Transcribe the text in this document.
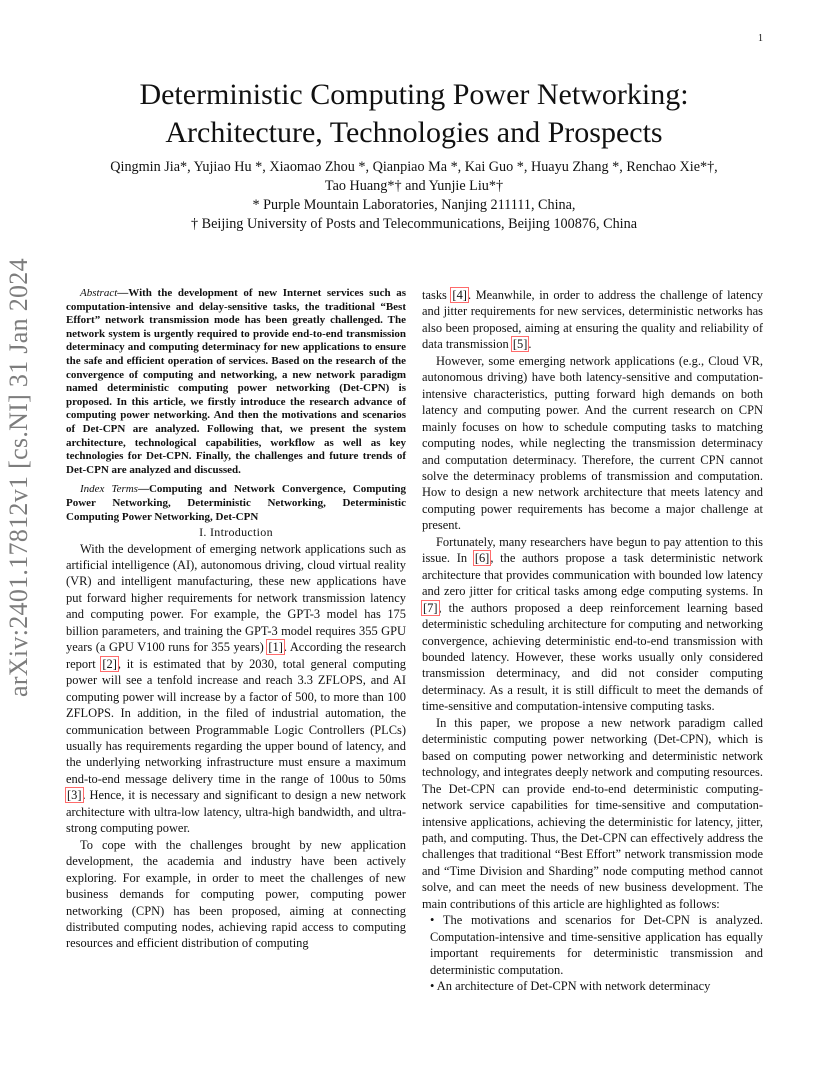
1
arXiv:2401.17812v1 [cs.NI] 31 Jan 2024
Deterministic Computing Power Networking:
Architecture, Technologies and Prospects
Qingmin Jia*, Yujiao Hu *, Xiaomao Zhou *, Qianpiao Ma *, Kai Guo *, Huayu Zhang *, Renchao Xie*†,
Tao Huang*† and Yunjie Liu*†
* Purple Mountain Laboratories, Nanjing 211111, China,
† Beijing University of Posts and Telecommunications, Beijing 100876, China

Abstract—With the development of new Internet services such as computation-intensive and delay-sensitive tasks, the traditional “Best Effort” network transmission mode has been greatly challenged. The network system is urgently required to provide end-to-end transmission determinacy and computing determinacy for new applications to ensure the safe and efficient operation of services. Based on the research of the convergence of computing and networking, a new network paradigm named deterministic computing power networking (Det-CPN) is proposed. In this article, we firstly introduce the research advance of computing power networking. And then the motivations and scenarios of Det-CPN are analyzed. Following that, we present the system architecture, technological capabilities, workflow as well as key technologies for Det-CPN. Finally, the challenges and future trends of Det-CPN are analyzed and discussed.

Index Terms—Computing and Network Convergence, Computing Power Networking, Deterministic Networking, Deterministic Computing Power Networking, Det-CPN

I. Introduction

With the development of emerging network applications such as artificial intelligence (AI), autonomous driving, cloud virtual reality (VR) and intelligent manufacturing, these new applications have put forward higher requirements for network transmission latency and computing power. For example, the GPT-3 model has 175 billion parameters, and training the GPT-3 model requires 355 GPU years (a GPU V100 runs for 355 years) [1]. According the research report [2], it is estimated that by 2030, total general computing power will see a tenfold increase and reach 3.3 ZFLOPS, and AI computing power will increase by a factor of 500, to more than 100 ZFLOPS. In addition, in the filed of industrial automation, the communication between Programmable Logic Controllers (PLCs) usually has requirements regarding the upper bound of latency, and the underlying networking infrastructure must ensure a maximum end-to-end message delivery time in the range of 100us to 50ms [3]. Hence, it is necessary and significant to design a new network architecture with ultra-low latency, ultra-high bandwidth, and ultra-strong computing power.

To cope with the challenges brought by new application development, the academia and industry have been actively exploring. For example, in order to meet the challenges of new business demands for computing power, computing power networking (CPN) has been proposed, aiming at connecting distributed computing nodes, achieving rapid access to computing resources and efficient distribution of computing

tasks [4]. Meanwhile, in order to address the challenge of latency and jitter requirements for new services, deterministic networks has also been proposed, aiming at ensuring the quality and reliability of data transmission [5].

However, some emerging network applications (e.g., Cloud VR, autonomous driving) have both latency-sensitive and computation-intensive characteristics, putting forward high demands on both latency and computing power. And the current research on CPN mainly focuses on how to schedule computing tasks to matching computing nodes, while neglecting the transmission determinacy and computation determinacy. Therefore, the current CPN cannot solve the determinacy problems of transmission and computation. How to design a new network architecture that meets latency and computing power requirements has become a major challenge at present.

Fortunately, many researchers have begun to pay attention to this issue. In [6], the authors propose a task deterministic network architecture that provides communication with bounded low latency and zero jitter for critical tasks among edge computing systems. In [7], the authors proposed a deep reinforcement learning based deterministic scheduling architecture for computing and networking convergence, achieving deterministic end-to-end transmission with bounded latency. However, these works usually only considered transmission determinacy, and did not consider computing determinacy. As a result, it is still difficult to meet the demands of time-sensitive and computation-intensive computing tasks.

In this paper, we propose a new network paradigm called deterministic computing power networking (Det-CPN), which is based on computing power networking and deterministic network technology, and integrates deeply network and computing resources. The Det-CPN can provide end-to-end deterministic computing-network service capabilities for time-sensitive and computation-intensive applications, achieving the deterministic for latency, jitter, path, and computing. Thus, the Det-CPN can effectively address the challenges that traditional “Best Effort” network transmission mode and “Time Division and Sharding” node computing method cannot solve, and can meet the needs of new business development. The main contributions of this article are highlighted as follows:

• The motivations and scenarios for Det-CPN is analyzed. Computation-intensive and time-sensitive application has equally important requirements for deterministic transmission and deterministic computation.

• An architecture of Det-CPN with network determinacy
